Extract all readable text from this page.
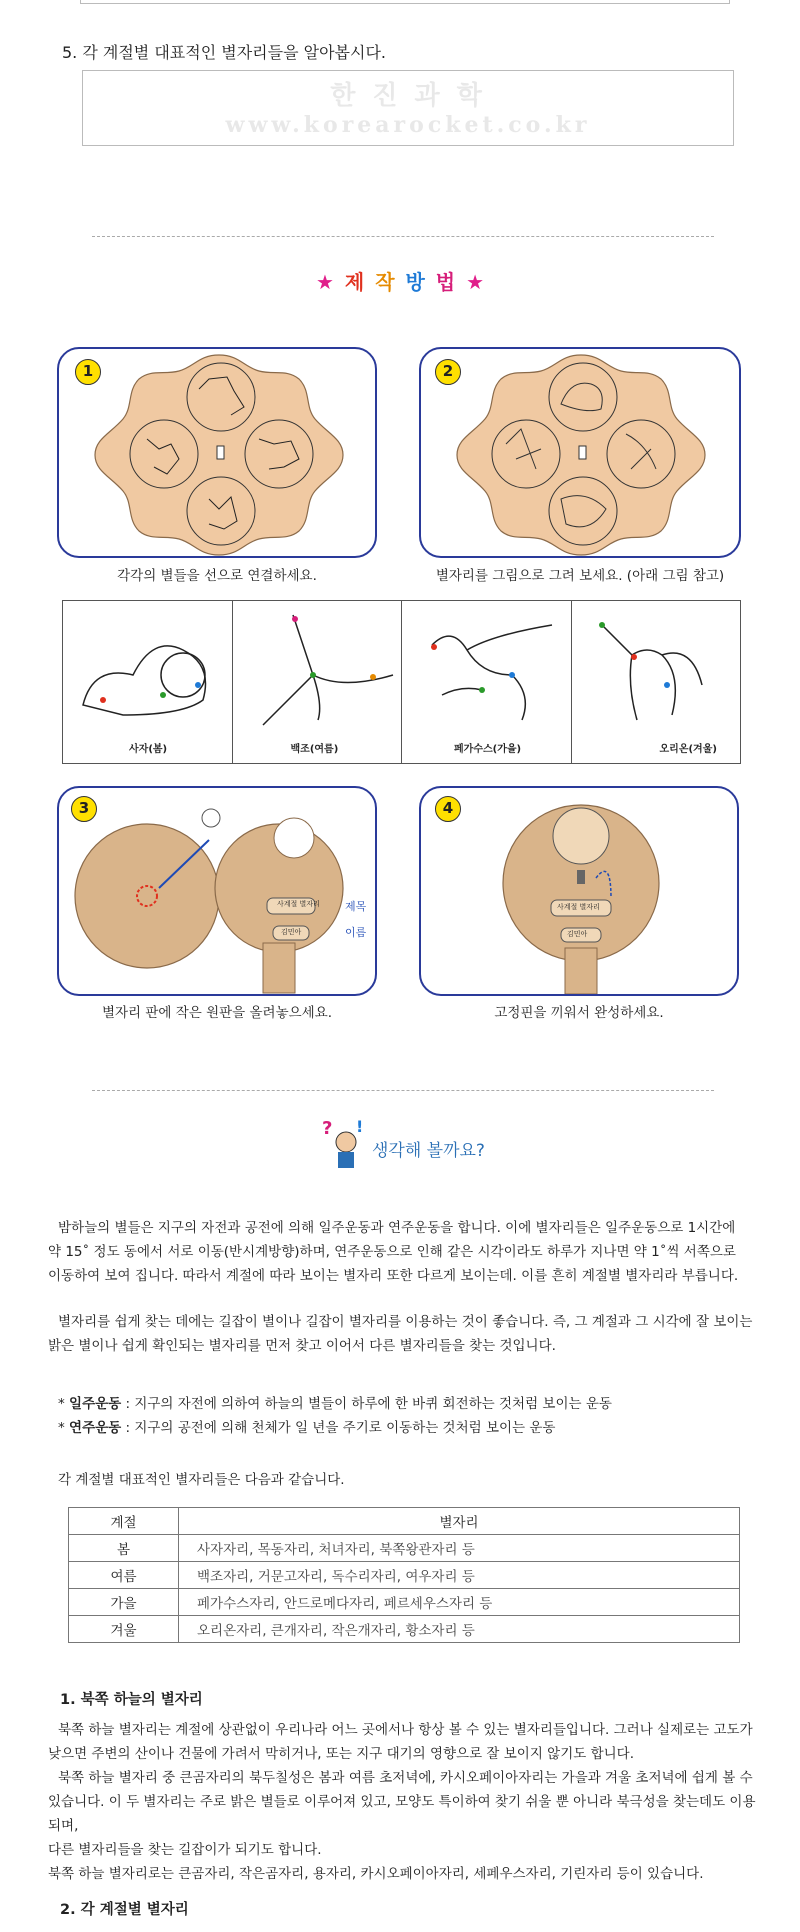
5. 각 계절별 대표적인 별자리들을 알아봅시다.
한 진 과 학
www.korearocket.co.kr
★ 제 작 방 법 ★
1
각각의 별들을 선으로 연결하세요.
2
별자리를 그림으로 그려 보세요. (아래 그림 참고)
사자(봄)	백조(여름)	페가수스(가을)	오리온(겨울)
3
사계절 별자리
김민아
제목
이름
별자리 판에 작은 원판을 올려놓으세요.
4
사계절 별자리
김민아
고정핀을 끼워서 완성하세요.
? !
생각해 볼까요?
밤하늘의 별들은 지구의 자전과 공전에 의해 일주운동과 연주운동을 합니다. 이에 별자리들은 일주운동으로 1시간에
약 15˚ 정도 동에서 서로 이동(반시계방향)하며, 연주운동으로 인해 같은 시각이라도 하루가 지나면 약 1˚씩 서쪽으로
이동하여 보여 집니다. 따라서 계절에 따라 보이는 별자리 또한 다르게 보이는데. 이를 흔히 계절별 별자리라 부릅니다.
별자리를 쉽게 찾는 데에는 길잡이 별이나 길잡이 별자리를 이용하는 것이 좋습니다. 즉, 그 계절과 그 시각에 잘 보이는
밝은 별이나 쉽게 확인되는 별자리를 먼저 찾고 이어서 다른 별자리들을 찾는 것입니다.
* 일주운동 : 지구의 자전에 의하여 하늘의 별들이 하루에 한 바퀴 회전하는 것처럼 보이는 운동
* 연주운동 : 지구의 공전에 의해 천체가 일 년을 주기로 이동하는 것처럼 보이는 운동
각 계절별 대표적인 별자리들은 다음과 같습니다.
계절	별자리
봄	사자자리, 목동자리, 처녀자리, 북쪽왕관자리 등
여름	백조자리, 거문고자리, 독수리자리, 여우자리 등
가을	페가수스자리, 안드로메다자리, 페르세우스자리 등
겨울	오리온자리, 큰개자리, 작은개자리, 황소자리 등
1. 북쪽 하늘의 별자리
북쪽 하늘 별자리는 계절에 상관없이 우리나라 어느 곳에서나 항상 볼 수 있는 별자리들입니다. 그러나 실제로는 고도가
낮으면 주변의 산이나 건물에 가려서 막히거나, 또는 지구 대기의 영향으로 잘 보이지 않기도 합니다.
북쪽 하늘 별자리 중 큰곰자리의 북두칠성은 봄과 여름 초저녁에, 카시오페이아자리는 가을과 겨울 초저녁에 쉽게 볼 수
있습니다. 이 두 별자리는 주로 밝은 별들로 이루어져 있고, 모양도 특이하여 찾기 쉬울 뿐 아니라 북극성을 찾는데도 이용되며,
다른 별자리들을 찾는 길잡이가 되기도 합니다.
북쪽 하늘 별자리로는 큰곰자리, 작은곰자리, 용자리, 카시오페이아자리, 세페우스자리, 기린자리 등이 있습니다.
2. 각 계절별 별자리
